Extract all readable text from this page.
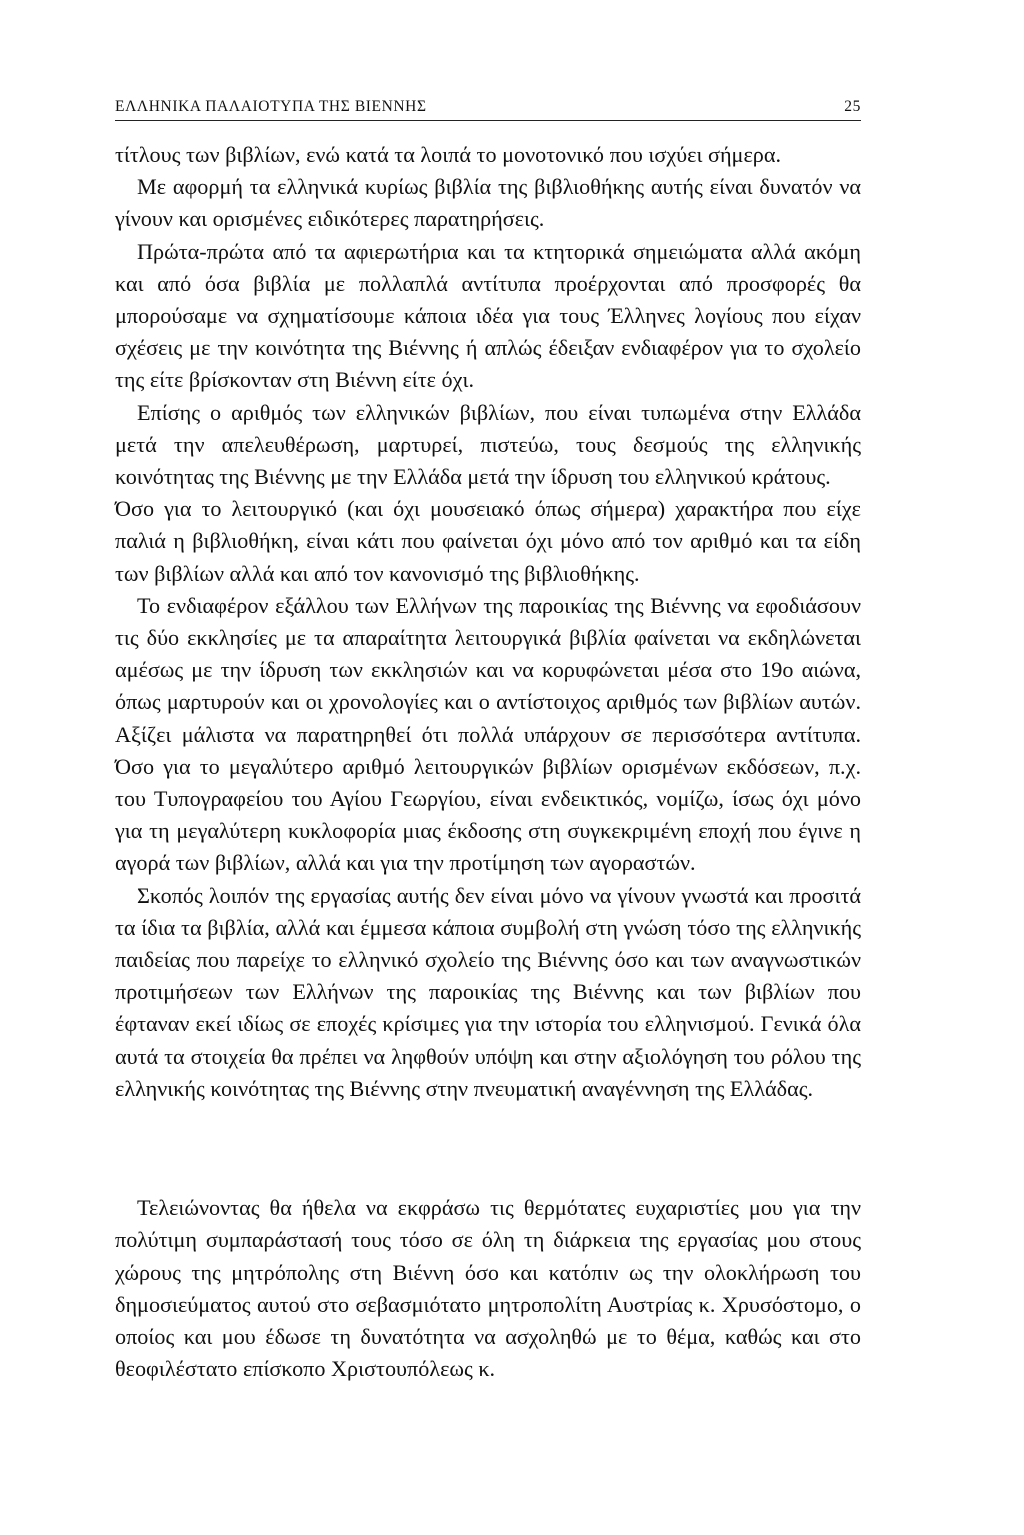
ΕΛΛΗΝΙΚΑ ΠΑΛΑΙΟΤΥΠΑ ΤΗΣ ΒΙΕΝΝΗΣ	25

τίτλους των βιβλίων, ενώ κατά τα λοιπά το μονοτονικό που ισχύει σήμερα.

Με αφορμή τα ελληνικά κυρίως βιβλία της βιβλιοθήκης αυτής είναι δυνατόν να γίνουν και ορισμένες ειδικότερες παρατηρήσεις.

Πρώτα-πρώτα από τα αφιερωτήρια και τα κτητορικά σημειώματα αλλά ακόμη και από όσα βιβλία με πολλαπλά αντίτυπα προέρχονται από προσφορές θα μπορούσαμε να σχηματίσουμε κάποια ιδέα για τους Έλληνες λογίους που είχαν σχέσεις με την κοινότητα της Βιέννης ή απλώς έδειξαν ενδιαφέρον για το σχολείο της είτε βρίσκονταν στη Βιέννη είτε όχι.

Επίσης ο αριθμός των ελληνικών βιβλίων, που είναι τυπωμένα στην Ελλάδα μετά την απελευθέρωση, μαρτυρεί, πιστεύω, τους δεσμούς της ελληνικής κοινότητας της Βιέννης με την Ελλάδα μετά την ίδρυση του ελληνικού κράτους.

Όσο για το λειτουργικό (και όχι μουσειακό όπως σήμερα) χαρακτήρα που είχε παλιά η βιβλιοθήκη, είναι κάτι που φαίνεται όχι μόνο από τον αριθμό και τα είδη των βιβλίων αλλά και από τον κανονισμό της βιβλιοθήκης.

Το ενδιαφέρον εξάλλου των Ελλήνων της παροικίας της Βιέννης να εφοδιάσουν τις δύο εκκλησίες με τα απαραίτητα λειτουργικά βιβλία φαίνεται να εκδηλώνεται αμέσως με την ίδρυση των εκκλησιών και να κορυφώνεται μέσα στο 19ο αιώνα, όπως μαρτυρούν και οι χρονολογίες και ο αντίστοιχος αριθμός των βιβλίων αυτών. Αξίζει μάλιστα να παρατηρηθεί ότι πολλά υπάρχουν σε περισσότερα αντίτυπα. Όσο για το μεγαλύτερο αριθμό λειτουργικών βιβλίων ορισμένων εκδόσεων, π.χ. του Τυπογραφείου του Αγίου Γεωργίου, είναι ενδεικτικός, νομίζω, ίσως όχι μόνο για τη μεγαλύτερη κυκλοφορία μιας έκδοσης στη συγκεκριμένη εποχή που έγινε η αγορά των βιβλίων, αλλά και για την προτίμηση των αγοραστών.

Σκοπός λοιπόν της εργασίας αυτής δεν είναι μόνο να γίνουν γνωστά και προσιτά τα ίδια τα βιβλία, αλλά και έμμεσα κάποια συμβολή στη γνώση τόσο της ελληνικής παιδείας που παρείχε το ελληνικό σχολείο της Βιέννης όσο και των αναγνωστικών προτιμήσεων των Ελλήνων της παροικίας της Βιέννης και των βιβλίων που έφταναν εκεί ιδίως σε εποχές κρίσιμες για την ιστορία του ελληνισμού. Γενικά όλα αυτά τα στοιχεία θα πρέπει να ληφθούν υπόψη και στην αξιολόγηση του ρόλου της ελληνικής κοινότητας της Βιέννης στην πνευματική αναγέννηση της Ελλάδας.

Τελειώνοντας θα ήθελα να εκφράσω τις θερμότατες ευχαριστίες μου για την πολύτιμη συμπαράστασή τους τόσο σε όλη τη διάρκεια της εργασίας μου στους χώρους της μητρόπολης στη Βιέννη όσο και κατόπιν ως την ολοκλήρωση του δημοσιεύματος αυτού στο σεβασμιότατο μητροπολίτη Αυστρίας κ. Χρυσόστομο, ο οποίος και μου έδωσε τη δυνατότητα να ασχοληθώ με το θέμα, καθώς και στο θεοφιλέστατο επίσκοπο Χριστουπόλεως κ.
